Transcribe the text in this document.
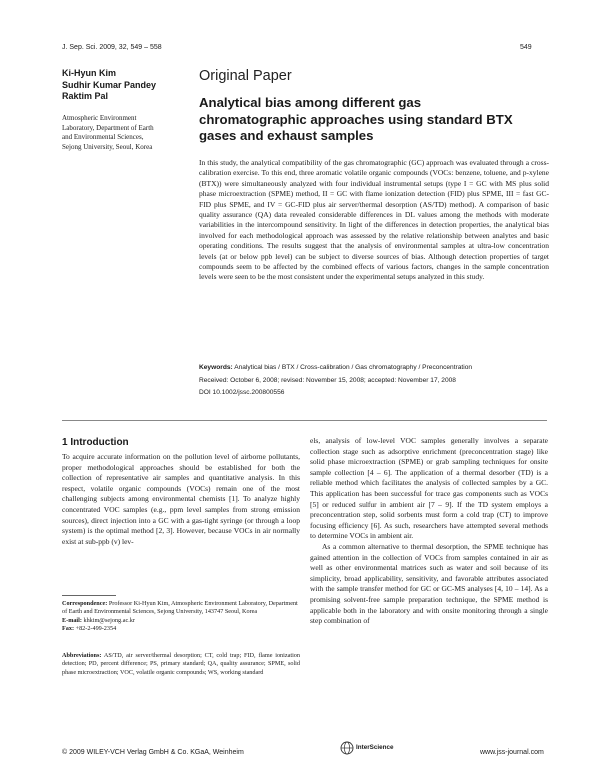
J. Sep. Sci. 2009, 32, 549 – 558	549
Ki-Hyun Kim
Sudhir Kumar Pandey
Raktim Pal
Atmospheric Environment
Laboratory, Department of Earth
and Environmental Sciences,
Sejong University, Seoul, Korea
Original Paper
Analytical bias among different gas
chromatographic approaches using standard BTX
gases and exhaust samples
In this study, the analytical compatibility of the gas chromatographic (GC) approach was evaluated through a cross-calibration exercise. To this end, three aromatic volatile organic compounds (VOCs: benzene, toluene, and p-xylene (BTX)) were simultaneously analyzed with four individual instrumental setups (type I = GC with MS plus solid phase microextraction (SPME) method, II = GC with flame ionization detection (FID) plus SPME, III = fast GC-FID plus SPME, and IV = GC-FID plus air server/thermal desorption (AS/TD) method). A comparison of basic quality assurance (QA) data revealed considerable differences in DL values among the methods with moderate variabilities in the intercompound sensitivity. In light of the differences in detection properties, the analytical bias involved for each methodological approach was assessed by the relative relationship between analytes and basic operating conditions. The results suggest that the analysis of environmental samples at ultra-low concentration levels (at or below ppb level) can be subject to diverse sources of bias. Although detection properties of target compounds seem to be affected by the combined effects of various factors, changes in the sample concentration levels were seen to be the most consistent under the experimental setups analyzed in this study.
Keywords: Analytical bias / BTX / Cross-calibration / Gas chromatography / Preconcentration
Received: October 6, 2008; revised: November 15, 2008; accepted: November 17, 2008
DOI 10.1002/jssc.200800556
1 Introduction

To acquire accurate information on the pollution level of airborne pollutants, proper methodological approaches should be established for both the collection of representative air samples and quantitative analysis. In this respect, volatile organic compounds (VOCs) remain one of the most challenging subjects among environmental chemists [1]. To analyze highly concentrated VOC samples (e.g., ppm level samples from strong emission sources), direct injection into a GC with a gas-tight syringe (or through a loop system) is the optimal method [2, 3]. However, because VOCs in air normally exist at sub-ppb (v) lev-

els, analysis of low-level VOC samples generally involves a separate collection stage such as adsorptive enrichment (preconcentration stage) like solid phase microextraction (SPME) or grab sampling techniques for onsite sample collection [4 – 6]. The application of a thermal desorber (TD) is a reliable method which facilitates the analysis of collected samples by a GC. This application has been successful for trace gas components such as VOCs [5] or reduced sulfur in ambient air [7 – 9]. If the TD system employs a preconcentration step, solid sorbents must form a cold trap (CT) to improve focusing efficiency [6]. As such, researchers have attempted several methods to determine VOCs in ambient air.

As a common alternative to thermal desorption, the SPME technique has gained attention in the collection of VOCs from samples contained in air as well as other environmental matrices such as water and soil because of its simplicity, broad applicability, sensitivity, and favorable attributes associated with the sample transfer method for GC or GC-MS analyses [4, 10 – 14]. As a promising solvent-free sample preparation technique, the SPME method is applicable both in the laboratory and with onsite monitoring through a single step combination of

Correspondence: Professor Ki-Hyun Kim, Atmospheric Environment Laboratory, Department of Earth and Environmental Sciences, Sejong University, 143747 Seoul, Korea
E-mail: khkim@sejong.ac.kr
Fax: +82-2-499-2354
Abbreviations: AS/TD, air server/thermal desorption; CT, cold trap; FID, flame ionization detection; PD, percent difference; PS, primary standard; QA, quality assurance; SPME, solid phase microextraction; VOC, volatile organic compounds; WS, working standard
© 2009 WILEY-VCH Verlag GmbH & Co. KGaA, Weinheim
InterScience
www.jss-journal.com
